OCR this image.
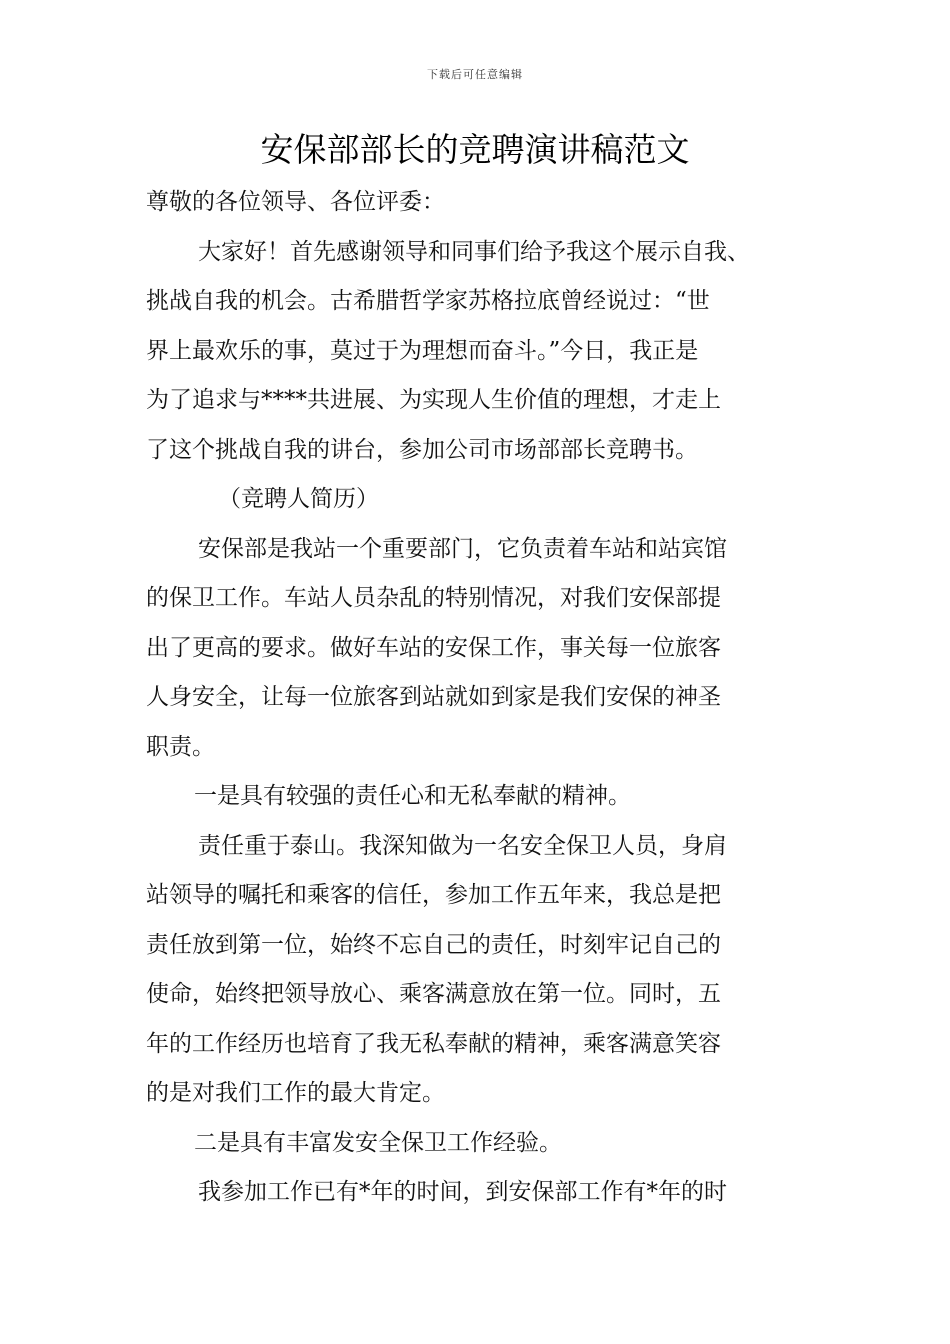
下载后可任意编辑
安保部部长的竞聘演讲稿范文
尊敬的各位领导、各位评委：
大家好！首先感谢领导和同事们给予我这个展示自我、
挑战自我的机会。古希腊哲学家苏格拉底曾经说过：“世
界上最欢乐的事，莫过于为理想而奋斗。”今日，我正是
为了追求与****共进展、为实现人生价值的理想，才走上
了这个挑战自我的讲台，参加公司市场部部长竞聘书。
（竞聘人简历）
安保部是我站一个重要部门，它负责着车站和站宾馆
的保卫工作。车站人员杂乱的特别情况，对我们安保部提
出了更高的要求。做好车站的安保工作，事关每一位旅客
人身安全，让每一位旅客到站就如到家是我们安保的神圣
职责。
一是具有较强的责任心和无私奉献的精神。
责任重于泰山。我深知做为一名安全保卫人员，身肩
站领导的嘱托和乘客的信任，参加工作五年来，我总是把
责任放到第一位，始终不忘自己的责任，时刻牢记自己的
使命，始终把领导放心、乘客满意放在第一位。同时，五
年的工作经历也培育了我无私奉献的精神，乘客满意笑容
的是对我们工作的最大肯定。
二是具有丰富发安全保卫工作经验。
我参加工作已有*年的时间，到安保部工作有*年的时
